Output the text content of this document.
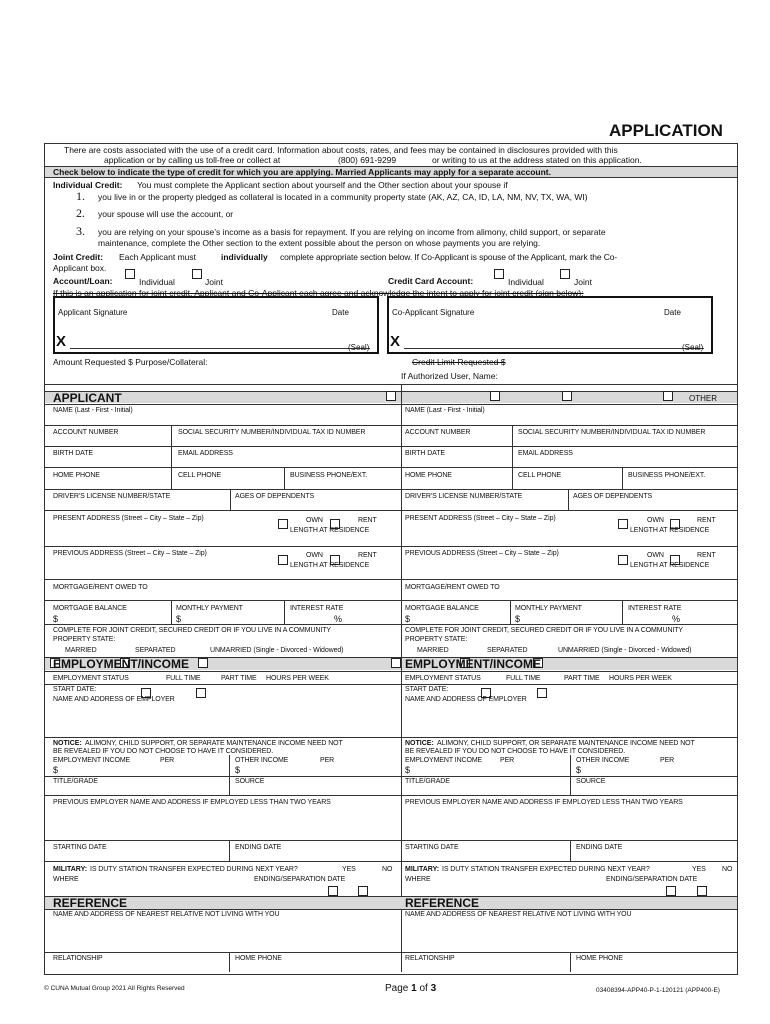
APPLICATION
There are costs associated with the use of a credit card. Information about costs, rates, and fees may be contained in disclosures provided with this
application or by calling us toll-free or collect at	(800) 691-9299	or writing to us at the address stated on this application.
Check below to indicate the type of credit for which you are applying. Married Applicants may apply for a separate account.
Individual Credit: You must complete the Applicant section about yourself and the Other section about your spouse if
1. you live in or the property pledged as collateral is located in a community property state (AK, AZ, CA, ID, LA, NM, NV, TX, WA, WI)
2. your spouse will use the account, or
3. you are relying on your spouse’s income as a basis for repayment. If you are relying on income from alimony, child support, or separate
maintenance, complete the Other section to the extent possible about the person on whose payments you are relying.
Joint Credit: Each Applicant must	individually complete appropriate section below. If Co-Applicant is spouse of the Applicant, mark the Co-
Applicant box.
Account/Loan:	Individual	Joint	Credit Card Account:	Individual	Joint
If this is an application for joint credit, Applicant and Co-Applicant each agree and acknowledge the intent to apply for joint credit (sign below):
Applicant Signature	Date
X	(Seal)
Co-Applicant Signature	Date
X	(Seal)
Amount Requested $ Purpose/Collateral:	Credit Limit Requested $
If Authorized User, Name:
APPLICANT	OTHER
NAME (Last - First - Initial)
ACCOUNT NUMBER	SOCIAL SECURITY NUMBER/INDIVIDUAL TAX ID NUMBER
BIRTH DATE	EMAIL ADDRESS
HOME PHONE	CELL PHONE	BUSINESS PHONE/EXT.
DRIVER'S LICENSE NUMBER/STATE	AGES OF DEPENDENTS
PRESENT ADDRESS (Street – City – State – Zip)	OWN	RENT
LENGTH AT RESIDENCE
PREVIOUS ADDRESS (Street – City – State – Zip)	OWN	RENT
LENGTH AT RESIDENCE
MORTGAGE/RENT OWED TO
MORTGAGE BALANCE	MONTHLY PAYMENT	INTEREST RATE
$	$	%
COMPLETE FOR JOINT CREDIT, SECURED CREDIT OR IF YOU LIVE IN A COMMUNITY
PROPERTY STATE:
MARRIED	SEPARATED	UNMARRIED (Single - Divorced - Widowed)
EMPLOYMENT/INCOME
EMPLOYMENT STATUS	FULL TIME	PART TIME HOURS PER WEEK
START DATE:
NAME AND ADDRESS OF EMPLOYER
NOTICE: ALIMONY, CHILD SUPPORT, OR SEPARATE MAINTENANCE INCOME NEED NOT
BE REVEALED IF YOU DO NOT CHOOSE TO HAVE IT CONSIDERED.
EMPLOYMENT INCOME	PER	OTHER INCOME	PER
$	$
TITLE/GRADE	SOURCE
PREVIOUS EMPLOYER NAME AND ADDRESS IF EMPLOYED LESS THAN TWO YEARS
STARTING DATE	ENDING DATE
MILITARY: IS DUTY STATION TRANSFER EXPECTED DURING NEXT YEAR?	YES	NO
WHERE	ENDING/SEPARATION DATE
REFERENCE
NAME AND ADDRESS OF NEAREST RELATIVE NOT LIVING WITH YOU
RELATIONSHIP	HOME PHONE
NAME (Last - First - Initial)
ACCOUNT NUMBER	SOCIAL SECURITY NUMBER/INDIVIDUAL TAX ID NUMBER
BIRTH DATE	EMAIL ADDRESS
HOME PHONE	CELL PHONE	BUSINESS PHONE/EXT.
DRIVER'S LICENSE NUMBER/STATE	AGES OF DEPENDENTS
PRESENT ADDRESS (Street – City – State – Zip)	OWN	RENT
LENGTH AT RESIDENCE
PREVIOUS ADDRESS (Street – City – State – Zip)	OWN	RENT
LENGTH AT RESIDENCE
MORTGAGE/RENT OWED TO
MORTGAGE BALANCE	MONTHLY PAYMENT	INTEREST RATE
$	$	%
COMPLETE FOR JOINT CREDIT, SECURED CREDIT OR IF YOU LIVE IN A COMMUNITY
PROPERTY STATE:
MARRIED	SEPARATED	UNMARRIED (Single - Divorced - Widowed)
EMPLOYMENT/INCOME
EMPLOYMENT STATUS	FULL TIME	PART TIME HOURS PER WEEK
START DATE:
NAME AND ADDRESS OF EMPLOYER
NOTICE: ALIMONY, CHILD SUPPORT, OR SEPARATE MAINTENANCE INCOME NEED NOT
BE REVEALED IF YOU DO NOT CHOOSE TO HAVE IT CONSIDERED.
EMPLOYMENT INCOME	PER	OTHER INCOME	PER
$	$
TITLE/GRADE	SOURCE
PREVIOUS EMPLOYER NAME AND ADDRESS IF EMPLOYED LESS THAN TWO YEARS
STARTING DATE	ENDING DATE
MILITARY: IS DUTY STATION TRANSFER EXPECTED DURING NEXT YEAR?	YES NO
WHERE	ENDING/SEPARATION DATE
REFERENCE
NAME AND ADDRESS OF NEAREST RELATIVE NOT LIVING WITH YOU
RELATIONSHIP	HOME PHONE
© CUNA Mutual Group 2021 All Rights Reserved	Page 1 of 3	03408394-APP40-P-1-120121 (APP400-E)
